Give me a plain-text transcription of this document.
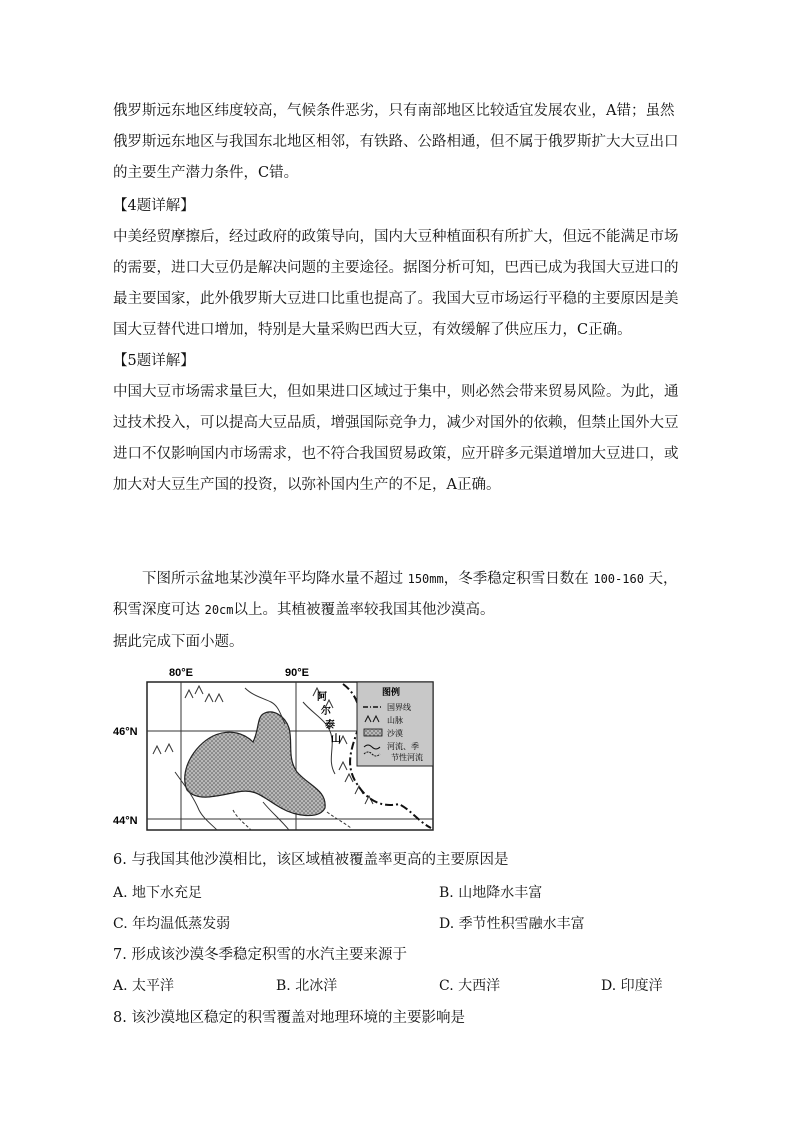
俄罗斯远东地区纬度较高，气候条件恶劣，只有南部地区比较适宜发展农业，A错；虽然俄罗斯远东地区与我国东北地区相邻，有铁路、公路相通，但不属于俄罗斯扩大大豆出口的主要生产潜力条件，C错。

【4题详解】

中美经贸摩擦后，经过政府的政策导向，国内大豆种植面积有所扩大，但远不能满足市场的需要，进口大豆仍是解决问题的主要途径。据图分析可知，巴西已成为我国大豆进口的最主要国家，此外俄罗斯大豆进口比重也提高了。我国大豆市场运行平稳的主要原因是美国大豆替代进口增加，特别是大量采购巴西大豆，有效缓解了供应压力，C正确。

【5题详解】

中国大豆市场需求量巨大，但如果进口区域过于集中，则必然会带来贸易风险。为此，通过技术投入，可以提高大豆品质，增强国际竞争力，减少对国外的依赖，但禁止国外大豆进口不仅影响国内市场需求，也不符合我国贸易政策，应开辟多元渠道增加大豆进口，或加大对大豆生产国的投资，以弥补国内生产的不足，A正确。

下图所示盆地某沙漠年平均降水量不超过 150mm，冬季稳定积雪日数在 100-160 天，积雪深度可达 20cm以上。其植被覆盖率较我国其他沙漠高。

据此完成下面小题。

80°E	90°E
46°N
44°N
阿
尔
泰
山
图例
国界线
山脉
沙漠
河流、季节性河流
6. 与我国其他沙漠相比，该区域植被覆盖率更高的主要原因是
A. 地下水充足	B. 山地降水丰富
C. 年均温低蒸发弱	D. 季节性积雪融水丰富
7. 形成该沙漠冬季稳定积雪的水汽主要来源于
A. 太平洋	B. 北冰洋	C. 大西洋	D. 印度洋
8. 该沙漠地区稳定的积雪覆盖对地理环境的主要影响是
